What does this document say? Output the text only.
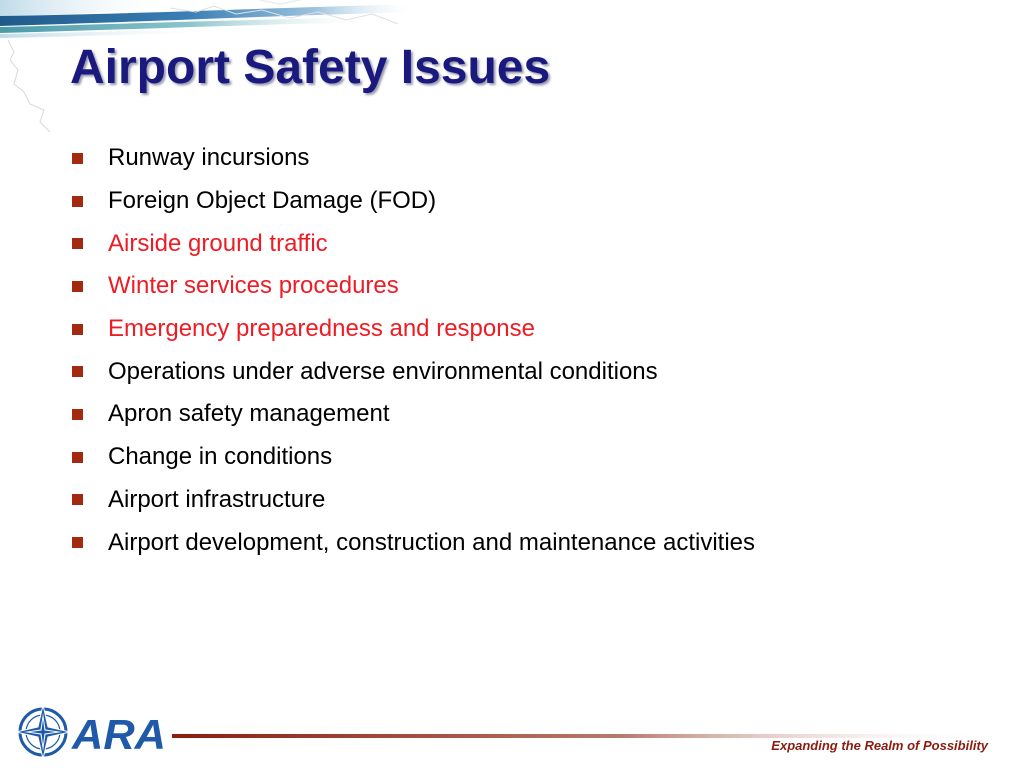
Airport Safety Issues
Runway incursions
Foreign Object Damage (FOD)
Airside ground traffic
Winter services procedures
Emergency preparedness and response
Operations under adverse environmental conditions
Apron safety management
Change in conditions
Airport infrastructure
Airport development, construction and maintenance activities
ARA	Expanding the Realm of Possibility
